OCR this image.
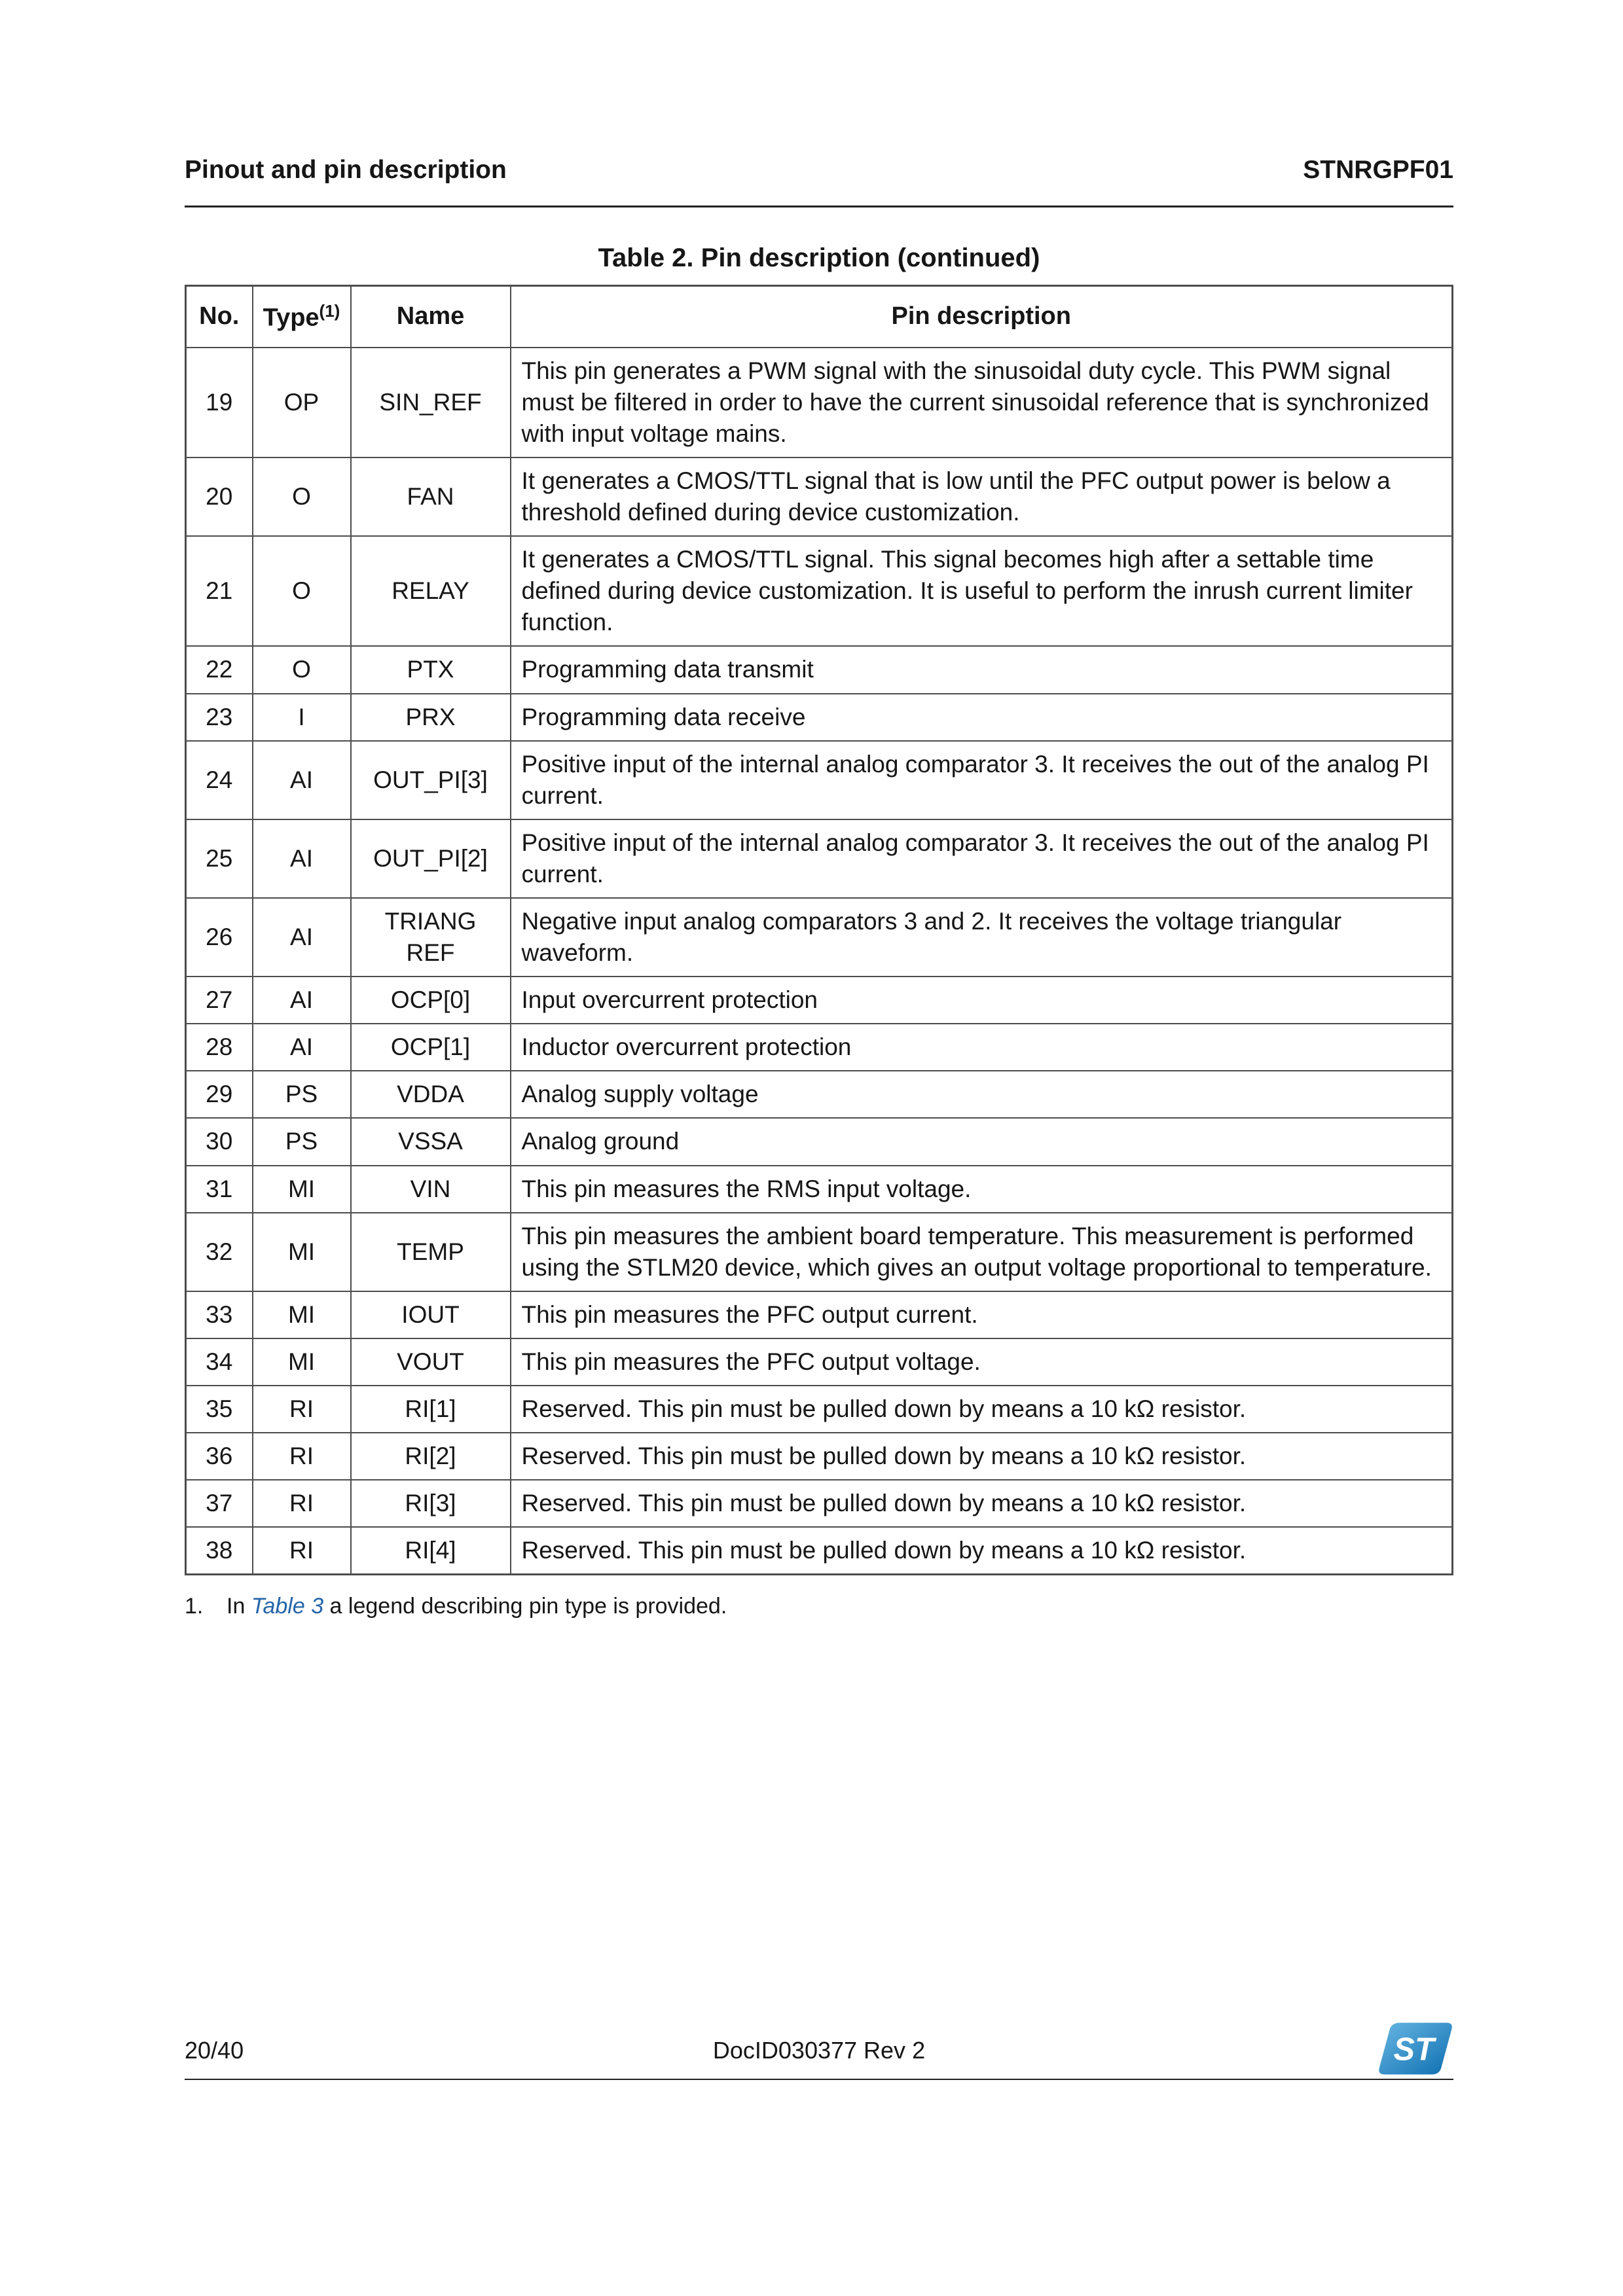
Pinout and pin description	STNRGPF01
Table 2. Pin description (continued)
No.	Type$^{(1)}$	Name	Pin description
19	OP	SIN_REF	This pin generates a PWM signal with the sinusoidal duty cycle. This PWM signal must be filtered in order to have the current sinusoidal reference that is synchronized with input voltage mains.
20	O	FAN	It generates a CMOS/TTL signal that is low until the PFC output power is below a threshold defined during device customization.
21	O	RELAY	It generates a CMOS/TTL signal. This signal becomes high after a settable time defined during device customization. It is useful to perform the inrush current limiter function.
22	O	PTX	Programming data transmit
23	I	PRX	Programming data receive
24	AI	OUT_PI[3]	Positive input of the internal analog comparator 3. It receives the out of the analog PI current.
25	AI	OUT_PI[2]	Positive input of the internal analog comparator 3. It receives the out of the analog PI current.
26	AI	TRIANG REF	Negative input analog comparators 3 and 2. It receives the voltage triangular waveform.
27	AI	OCP[0]	Input overcurrent protection
28	AI	OCP[1]	Inductor overcurrent protection
29	PS	VDDA	Analog supply voltage
30	PS	VSSA	Analog ground
31	MI	VIN	This pin measures the RMS input voltage.
32	MI	TEMP	This pin measures the ambient board temperature. This measurement is performed using the STLM20 device, which gives an output voltage proportional to temperature.
33	MI	IOUT	This pin measures the PFC output current.
34	MI	VOUT	This pin measures the PFC output voltage.
35	RI	RI[1]	Reserved. This pin must be pulled down by means a 10 kΩ resistor.
36	RI	RI[2]	Reserved. This pin must be pulled down by means a 10 kΩ resistor.
37	RI	RI[3]	Reserved. This pin must be pulled down by means a 10 kΩ resistor.
38	RI	RI[4]	Reserved. This pin must be pulled down by means a 10 kΩ resistor.
1.	In Table 3 a legend describing pin type is provided.
20/40	DocID030377 Rev 2	ST
